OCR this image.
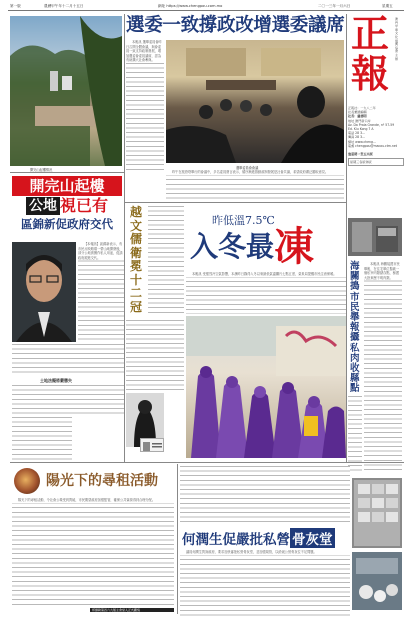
第一版	農曆甲午年十二月十五日	網址 https://www.chengpou.com.mo	二〇一三年一月六日	星期五
開完山起樓情況
選委一致撐政改增選委議席

本報訊 選舉委員會昨日召開全體會議，與會委員一致支持政制發展，增加選委會委員議席，認為有助擴大社會參與。

選舉委員會會議

昨午在旅遊塔舉行的會議中，多名委員發言表示，循序漸進推動政制發展是社會共識，希望政府廣泛聽取意見。

正
報
澳門中華文化復興協會主辦
正報社：一九八二年
社長兼總編輯
社長：盧德明
地址 澳門新口岸
Av. Da Praia Grande, nº 57-59
Ed. Kiu Kong 7 A
電話 28 3...
傳真 28 3...
網址 www.cheng...
電郵 chengpou@macau.ctm.net
逢星期一至五出版
星期三各版休版
開完山起樓
公地 視已有
區錦新促政府交代

【本報訊】區錦新表示，有市民反映路環一帶山地開發後，部分公地被圈作私人用途，促請政府跟進交代。

土地法擬將嚴懲失
越
文
儒
衛
冕
十
二
冠
昨低溫7.5℃
入冬最 凍

本報訊 受強烈冷空氣影響，本澳昨日錄得入冬以來最低氣溫攝氏七點五度，氣象局提醒市民注意保暖。

海
關
搗
市
民
舉
報
攝
私
肉
收
縣
點

本報訊 海關接獲市民舉報，在住宅單位搗破一個私宰肉類儲存點，檢獲大批來歷不明肉類。

陽光下的尋租活動

陽光下的尋租活動，令社會公義受到質疑，市民期望政府加強監管，確保公共資源得到合理分配。

邦爾勒第四六九號主會堂入正式觀察
何潤生促嚴批私營 骨灰堂

議員何潤生質詢政府，要求加快審批私營骨灰堂，並加強規管，以紓緩公營骨灰位不足問題。
